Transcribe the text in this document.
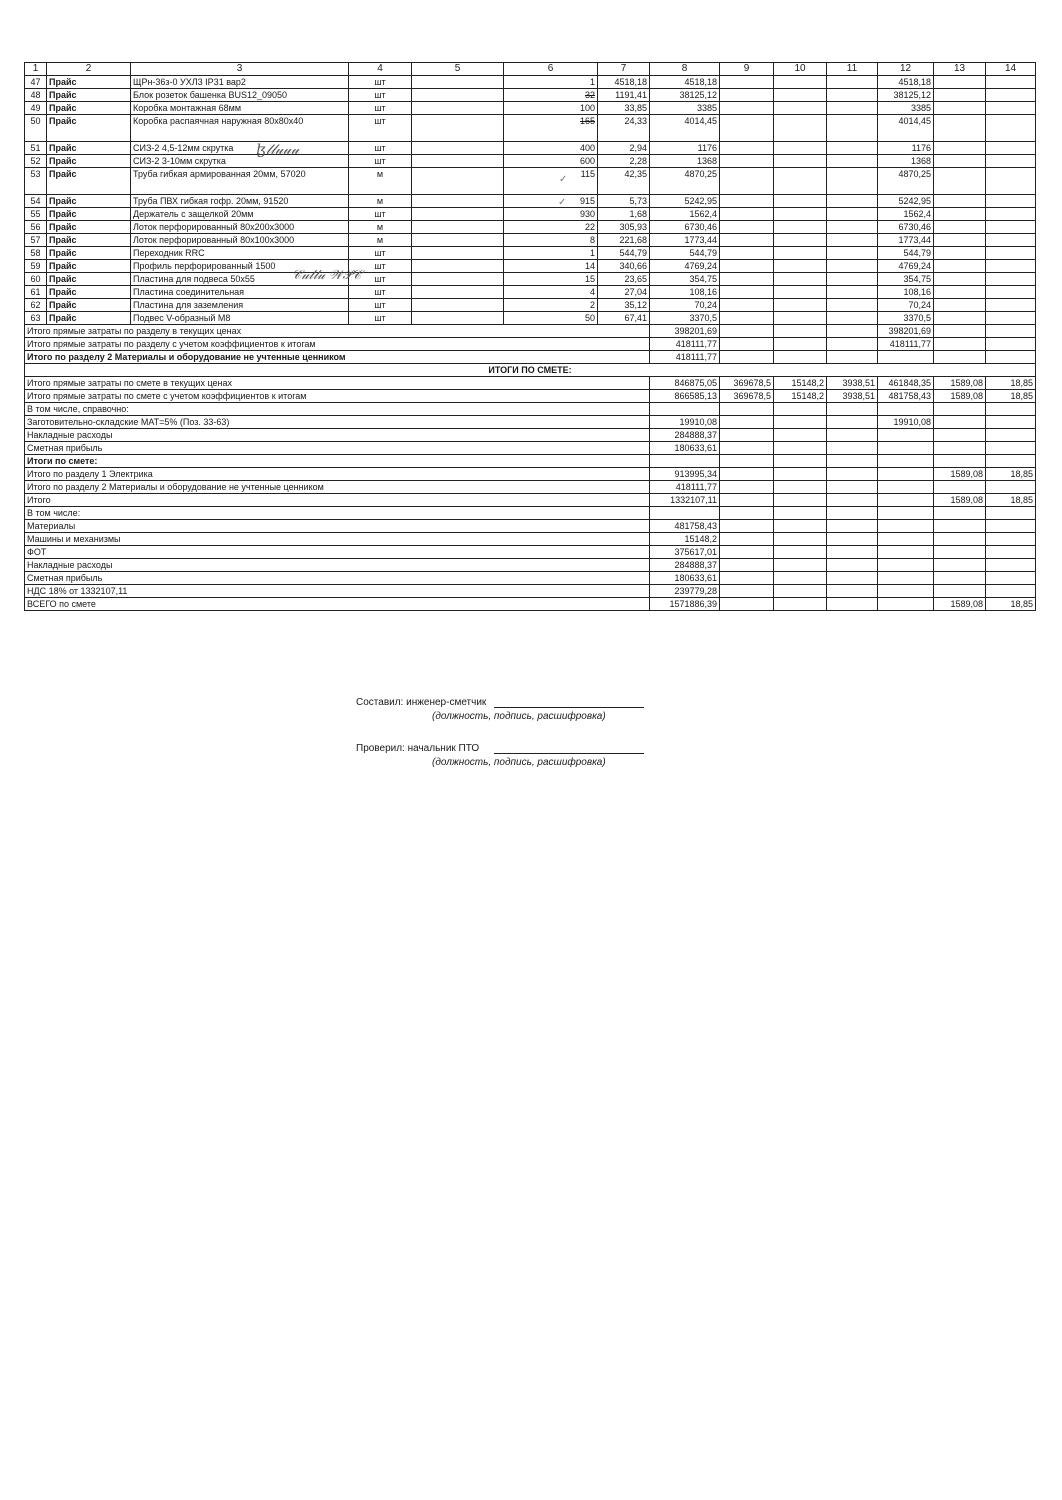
1	2	3	4	5	6	7	8	9	10	11	12	13	14
47	Прайс	ЩРн-36з-0 УХЛ3 IP31 вар2	шт		1	4518,18	4518,18				4518,18		
48	Прайс	Блок розеток башенка BUS12_09050	шт		32	1191,41	38125,12				38125,12		
49	Прайс	Коробка монтажная 68мм	шт		100	33,85	3385				3385		
50	Прайс	Коробка распаячная наружная 80х80х40	шт		165	24,33	4014,45				4014,45		
51	Прайс	СИЗ-2 4,5-12мм скрутка	шт		400	2,94	1176				1176		
52	Прайс	СИЗ-2 3-10мм скрутка	шт		600	2,28	1368				1368		
53	Прайс	Труба гибкая армированная 20мм, 57020	м		115	42,35	4870,25				4870,25		
54	Прайс	Труба ПВХ гибкая гофр. 20мм, 91520	м		915	5,73	5242,95				5242,95		
55	Прайс	Держатель с защелкой 20мм	шт		930	1,68	1562,4				1562,4		
56	Прайс	Лоток перфорированный 80х200х3000	м		22	305,93	6730,46				6730,46		
57	Прайс	Лоток перфорированный 80х100х3000	м		8	221,68	1773,44				1773,44		
58	Прайс	Переходник RRC	шт		1	544,79	544,79				544,79		
59	Прайс	Профиль перфорированный 1500	шт		14	340,66	4769,24				4769,24		
60	Прайс	Пластина для подвеса 50х55	шт		15	23,65	354,75				354,75		
61	Прайс	Пластина соединительная	шт		4	27,04	108,16				108,16		
62	Прайс	Пластина для заземления	шт		2	35,12	70,24				70,24		
63	Прайс	Подвес V-образный M8	шт		50	67,41	3370,5				3370,5		
Итого прямые затраты по разделу в текущих ценах							398201,69				398201,69		
Итого прямые затраты по разделу с учетом коэффициентов к итогам							418111,77				418111,77		
Итого по разделу 2 Материалы и оборудование не учтенные ценником							418111,77						
ИТОГИ ПО СМЕТЕ:													
Итого прямые затраты по смете в текущих ценах							846875,05	369678,5	15148,2	3938,51	461848,35	1589,08	18,85
Итого прямые затраты по смете с учетом коэффициентов к итогам							866585,13	369678,5	15148,2	3938,51	481758,43	1589,08	18,85
В том числе, справочно:													
Заготовительно-складские МАТ=5% (Поз. 33-63)							19910,08				19910,08		
Накладные расходы							284888,37						
Сметная прибыль							180633,61						
Итоги по смете:													
Итого по разделу 1 Электрика							913995,34					1589,08	18,85
Итого по разделу 2 Материалы и оборудование не учтенные ценником							418111,77						
Итого							1332107,11					1589,08	18,85
В том числе:													
Материалы							481758,43						
Машины и механизмы							15148,2						
ФОТ							375617,01						
Накладные расходы							284888,37						
Сметная прибыль							180633,61						
НДС 18% от 1332107,11							239779,28						
ВСЕГО по смете							1571886,39					1589,08	18,85
ɮ𝓁𝓁𝓊𝓊𝓊
𝒞𝓊𝓁𝓁𝓊 𝒲𝒫𝒞
✓
✓
Составил: инженер-сметчик
(должность, подпись, расшифровка)
Проверил: начальник ПТО
(должность, подпись, расшифровка)
